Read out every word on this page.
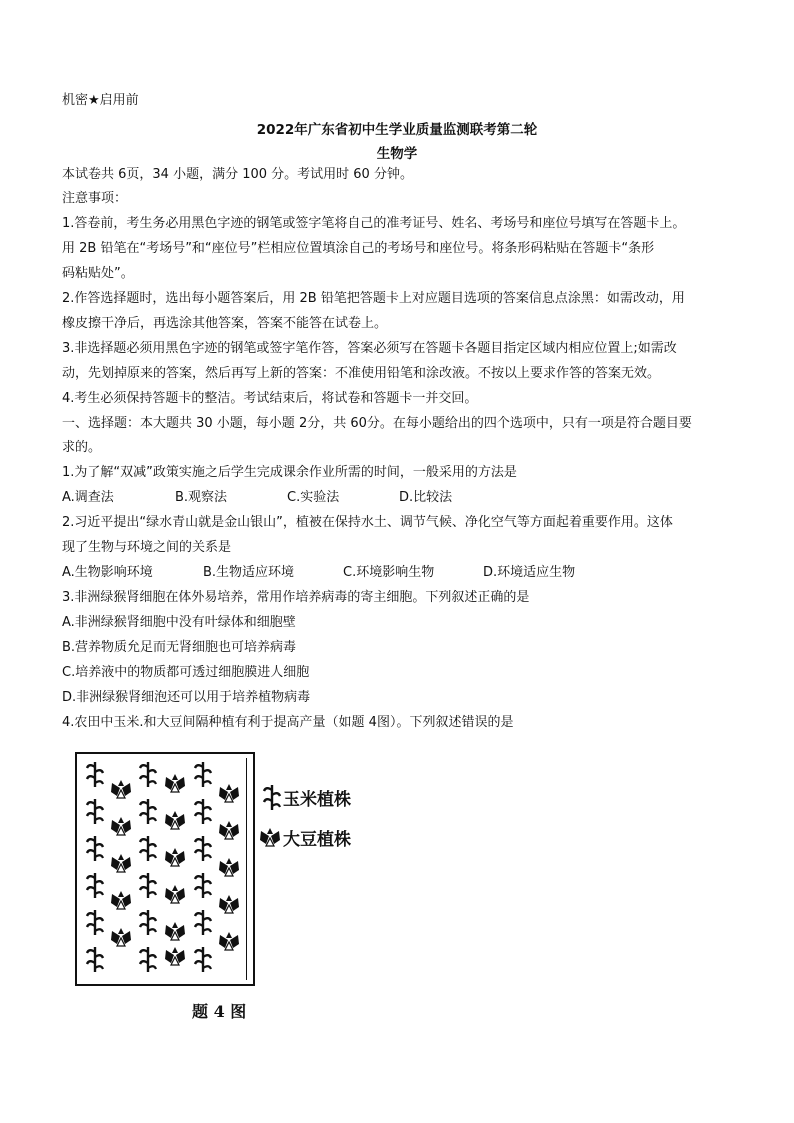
机密★启用前
2022年广东省初中生学业质量监测联考第二轮
生物学
本试卷共 6页，34 小题，满分 100 分。考试用时 60 分钟。
注意事项：
1.答卷前，考生务必用黑色字迹的钢笔或签字笔将自己的准考证号、姓名、考场号和座位号填写在答题卡上。
用 2B 铅笔在“考场号”和“座位号”栏相应位置填涂自己的考场号和座位号。将条形码粘贴在答题卡“条形
码粘贴处”。
2.作答选择题时，选出每小题答案后，用 2B 铅笔把答题卡上对应题目选项的答案信息点涂黑：如需改动，用
橡皮擦干净后，再选涂其他答案，答案不能答在试卷上。
3.非选择题必须用黑色字迹的钢笔或签字笔作答，答案必须写在答题卡各题目指定区域内相应位置上;如需改
动，先划掉原来的答案，然后再写上新的答案：不准使用铅笔和涂改液。不按以上要求作答的答案无效。
4.考生必须保持答题卡的整洁。考试结束后，将试卷和答题卡一并交回。
一、选择题：本大题共 30 小题，每小题 2分，共 60分。在每小题给出的四个选项中，只有一项是符合题目要
求的。
1.为了解“双减”政策实施之后学生完成课余作业所需的时间，一般采用的方法是
A.调查法	B.观察法	C.实验法	D.比较法
2.习近平提出“绿水青山就是金山银山”，植被在保持水土、调节气候、净化空气等方面起着重要作用。这体
现了生物与环境之间的关系是
A.生物影响环境	B.生物适应环境	C.环境影响生物	D.环境适应生物
3.非洲绿猴肾细胞在体外易培养，常用作培养病毒的寄主细胞。下列叙述正确的是
A.非洲绿猴肾细胞中没有叶绿体和细胞壁
B.营养物质允足而无肾细胞也可培养病毒
C.培养液中的物质都可透过细胞膜进人细胞
D.非洲绿猴肾细泡还可以用于培养植物病毒
4.农田中玉米.和大豆间隔种植有利于提高产量（如题 4图）。下列叙述错误的是
玉米植株
大豆植株
题 4 图
